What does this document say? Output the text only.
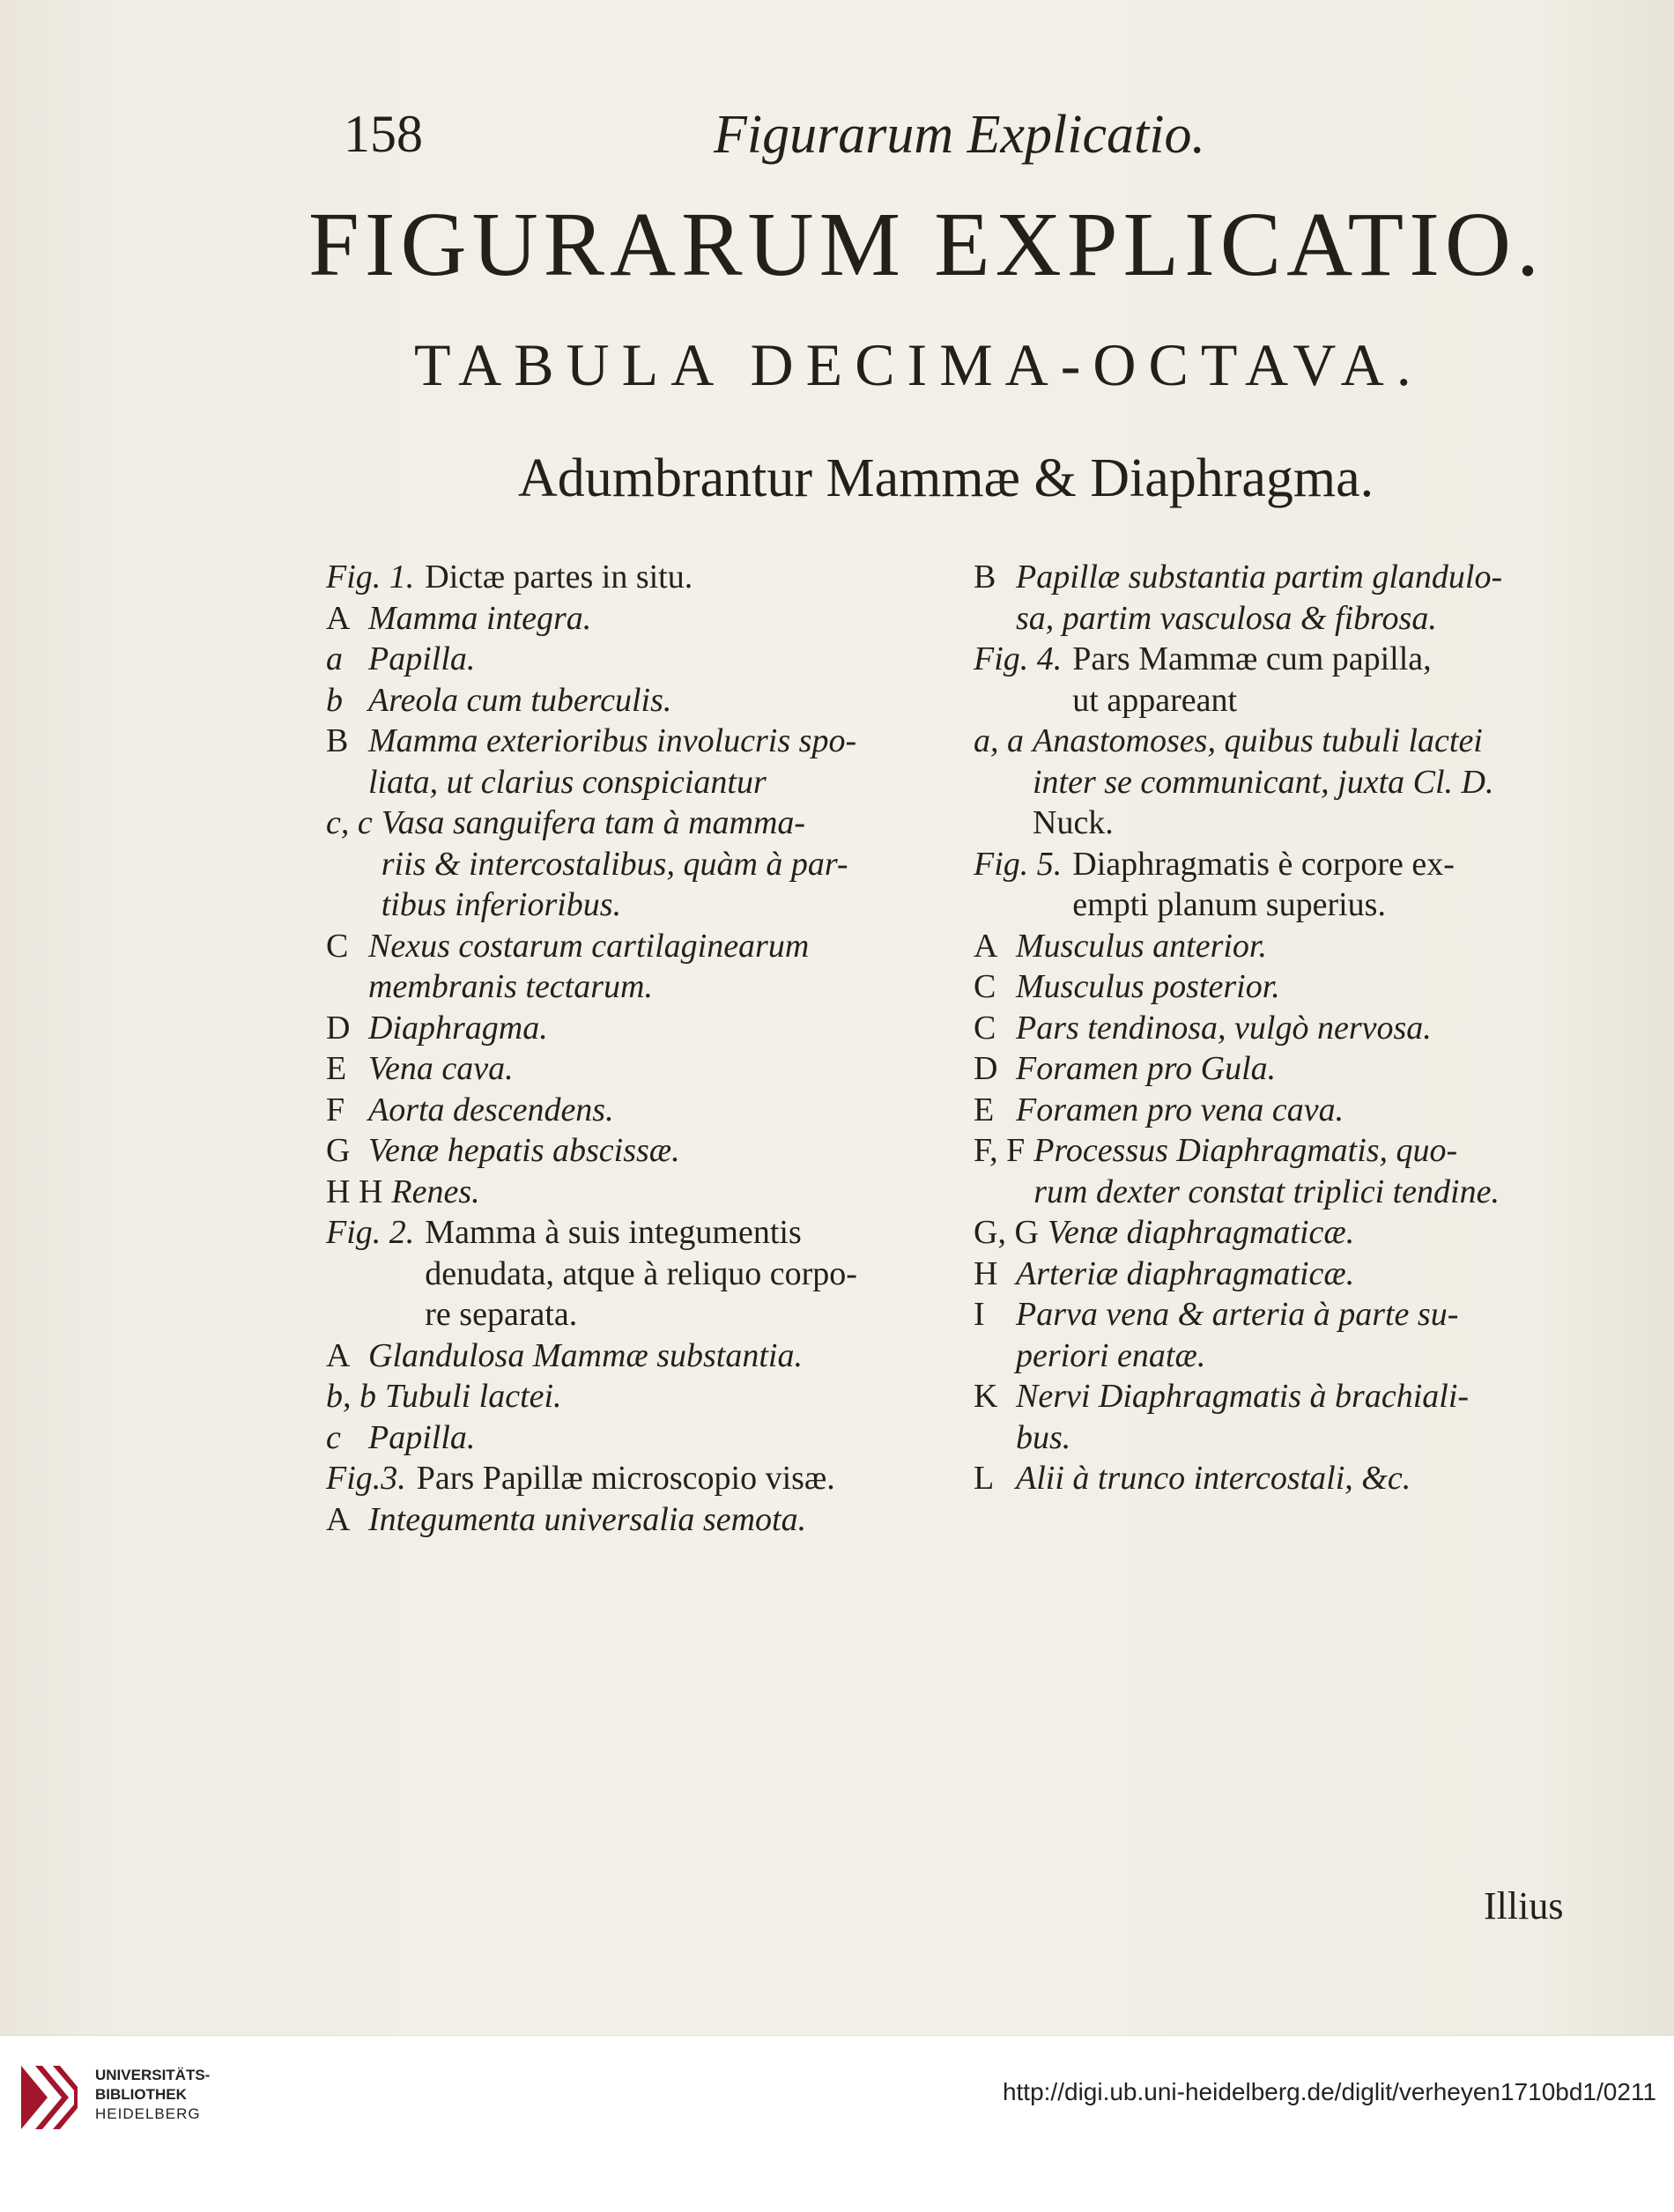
158	Figurarum Explicatio.
FIGURARUM EXPLICATIO.
TABULA DECIMA-OCTAVA.
Adumbrantur Mammæ & Diaphragma.
Fig. 1. Dictæ partes in situ.
A Mamma integra.
a Papilla.
b Areola cum tuberculis.
B Mamma exterioribus involucris spo-
liata, ut clarius conspiciantur
c, c Vasa sanguifera tam à mamma-
riis & intercostalibus, quàm à par-
tibus inferioribus.
C Nexus costarum cartilaginearum
membranis tectarum.
D Diaphragma.
E Vena cava.
F Aorta descendens.
G Venæ hepatis abscissæ.
H H Renes.
Fig. 2. Mamma à suis integumentis
denudata, atque à reliquo corpo-
re separata.
A Glandulosa Mammæ substantia.
b, b Tubuli lactei.
c Papilla.
Fig.3. Pars Papillæ microscopio visæ.
A Integumenta universalia semota.
B Papillæ substantia partim glandulo-
sa, partim vasculosa & fibrosa.
Fig. 4. Pars Mammæ cum papilla,
ut appareant
a, a Anastomoses, quibus tubuli lactei
inter se communicant, juxta Cl. D.
Nuck.
Fig. 5. Diaphragmatis è corpore ex-
empti planum superius.
A Musculus anterior.
C Musculus posterior.
C Pars tendinosa, vulgò nervosa.
D Foramen pro Gula.
E Foramen pro vena cava.
F, F Processus Diaphragmatis, quo-
rum dexter constat triplici tendine.
G, G Venæ diaphragmaticæ.
H Arteriæ diaphragmaticæ.
I Parva vena & arteria à parte su-
periori enatæ.
K Nervi Diaphragmatis à brachiali-
bus.
L Alii à trunco intercostali, &c.
Illius
UNIVERSITÄTS-
BIBLIOTHEK
HEIDELBERG
http://digi.ub.uni-heidelberg.de/diglit/verheyen1710bd1/0211
